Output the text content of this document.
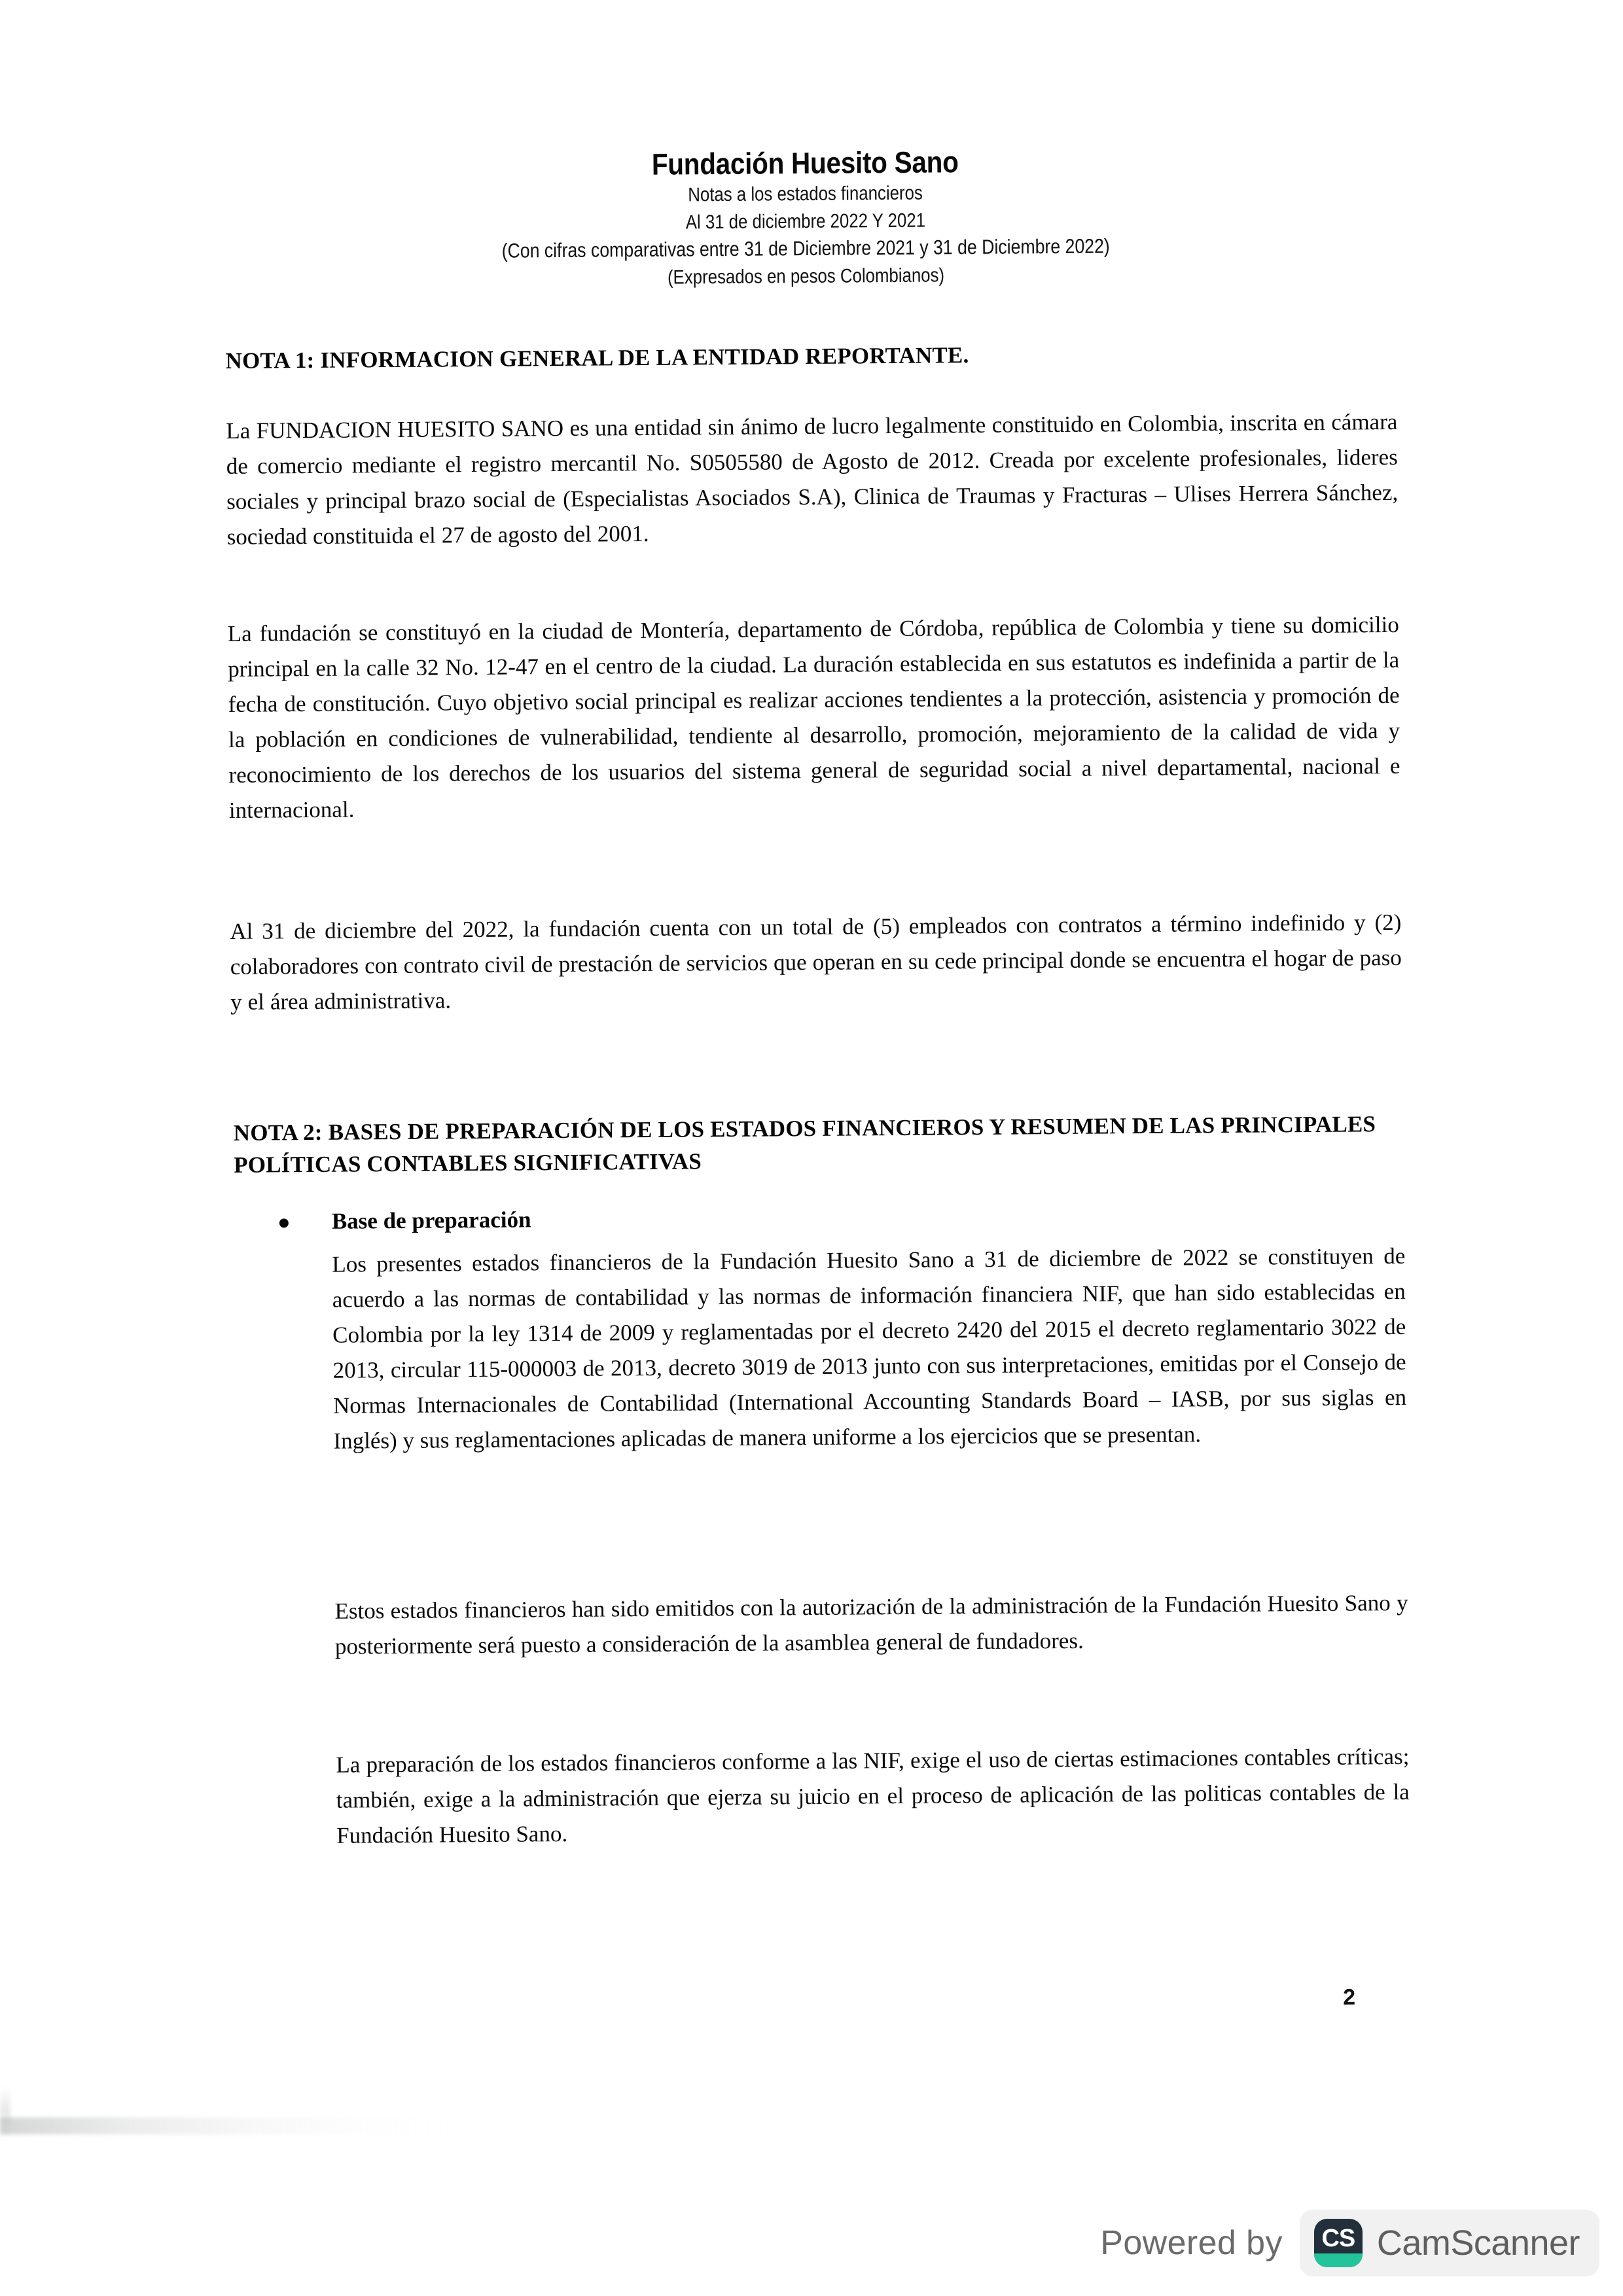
Fundación Huesito Sano
Notas a los estados financieros
Al 31 de diciembre 2022 Y 2021
(Con cifras comparativas entre 31 de Diciembre 2021 y 31 de Diciembre 2022)
(Expresados en pesos Colombianos)
NOTA 1: INFORMACION GENERAL DE LA ENTIDAD REPORTANTE.
La FUNDACION HUESITO SANO es una entidad sin ánimo de lucro legalmente constituido en Colombia, inscrita en cámara de comercio mediante el registro mercantil No. S0505580 de Agosto de 2012. Creada por excelente profesionales, lideres sociales y principal brazo social de (Especialistas Asociados S.A), Clinica de Traumas y Fracturas – Ulises Herrera Sánchez, sociedad constituida el 27 de agosto del 2001.
La fundación se constituyó en la ciudad de Montería, departamento de Córdoba, república de Colombia y tiene su domicilio principal en la calle 32 No. 12-47 en el centro de la ciudad. La duración establecida en sus estatutos es indefinida a partir de la fecha de constitución. Cuyo objetivo social principal es realizar acciones tendientes a la protección, asistencia y promoción de la población en condiciones de vulnerabilidad, tendiente al desarrollo, promoción, mejoramiento de la calidad de vida y reconocimiento de los derechos de los usuarios del sistema general de seguridad social a nivel departamental, nacional e internacional.
Al 31 de diciembre del 2022, la fundación cuenta con un total de (5) empleados con contratos a término indefinido y (2) colaboradores con contrato civil de prestación de servicios que operan en su cede principal donde se encuentra el hogar de paso y el área administrativa.
NOTA 2: BASES DE PREPARACIÓN DE LOS ESTADOS FINANCIEROS Y RESUMEN DE LAS PRINCIPALES POLÍTICAS CONTABLES SIGNIFICATIVAS
Base de preparación
Los presentes estados financieros de la Fundación Huesito Sano a 31 de diciembre de 2022 se constituyen de acuerdo a las normas de contabilidad y las normas de información financiera NIF, que han sido establecidas en Colombia por la ley 1314 de 2009 y reglamentadas por el decreto 2420 del 2015 el decreto reglamentario 3022 de 2013, circular 115-000003 de 2013, decreto 3019 de 2013 junto con sus interpretaciones, emitidas por el Consejo de Normas Internacionales de Contabilidad (International Accounting Standards Board – IASB, por sus siglas en Inglés) y sus reglamentaciones aplicadas de manera uniforme a los ejercicios que se presentan.
Estos estados financieros han sido emitidos con la autorización de la administración de la Fundación Huesito Sano y posteriormente será puesto a consideración de la asamblea general de fundadores.
La preparación de los estados financieros conforme a las NIF, exige el uso de ciertas estimaciones contables críticas; también, exige a la administración que ejerza su juicio en el proceso de aplicación de las politicas contables de la Fundación Huesito Sano.
2
Powered by	CS CamScanner
